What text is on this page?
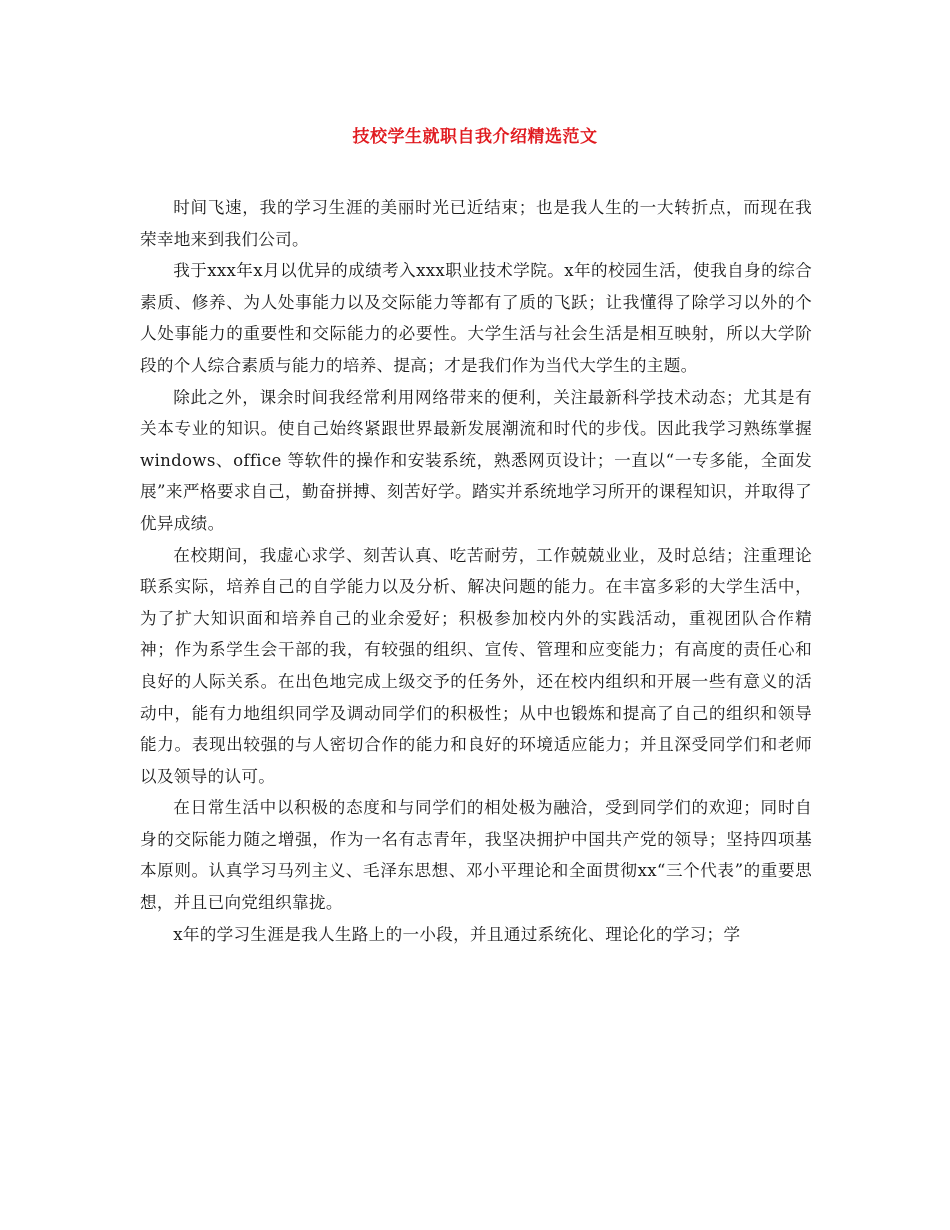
技校学生就职自我介绍精选范文

时间飞速，我的学习生涯的美丽时光已近结束；也是我人生的一大转折点，而现在我荣幸地来到我们公司。

我于xxx年x月以优异的成绩考入xxx职业技术学院。x年的校园生活，使我自身的综合素质、修养、为人处事能力以及交际能力等都有了质的飞跃；让我懂得了除学习以外的个人处事能力的重要性和交际能力的必要性。大学生活与社会生活是相互映射，所以大学阶段的个人综合素质与能力的培养、提高；才是我们作为当代大学生的主题。

除此之外，课余时间我经常利用网络带来的便利，关注最新科学技术动态；尤其是有关本专业的知识。使自己始终紧跟世界最新发展潮流和时代的步伐。因此我学习熟练掌握windows、office 等软件的操作和安装系统，熟悉网页设计；一直以“一专多能，全面发展”来严格要求自己，勤奋拼搏、刻苦好学。踏实并系统地学习所开的课程知识，并取得了优异成绩。

在校期间，我虚心求学、刻苦认真、吃苦耐劳，工作兢兢业业，及时总结；注重理论联系实际，培养自己的自学能力以及分析、解决问题的能力。在丰富多彩的大学生活中，为了扩大知识面和培养自己的业余爱好；积极参加校内外的实践活动，重视团队合作精神；作为系学生会干部的我，有较强的组织、宣传、管理和应变能力；有高度的责任心和良好的人际关系。在出色地完成上级交予的任务外，还在校内组织和开展一些有意义的活动中，能有力地组织同学及调动同学们的积极性；从中也锻炼和提高了自己的组织和领导能力。表现出较强的与人密切合作的能力和良好的环境适应能力；并且深受同学们和老师以及领导的认可。

在日常生活中以积极的态度和与同学们的相处极为融洽，受到同学们的欢迎；同时自身的交际能力随之增强，作为一名有志青年，我坚决拥护中国共产党的领导；坚持四项基本原则。认真学习马列主义、毛泽东思想、邓小平理论和全面贯彻xx“三个代表”的重要思想，并且已向党组织靠拢。

x年的学习生涯是我人生路上的一小段，并且通过系统化、理论化的学习；学
